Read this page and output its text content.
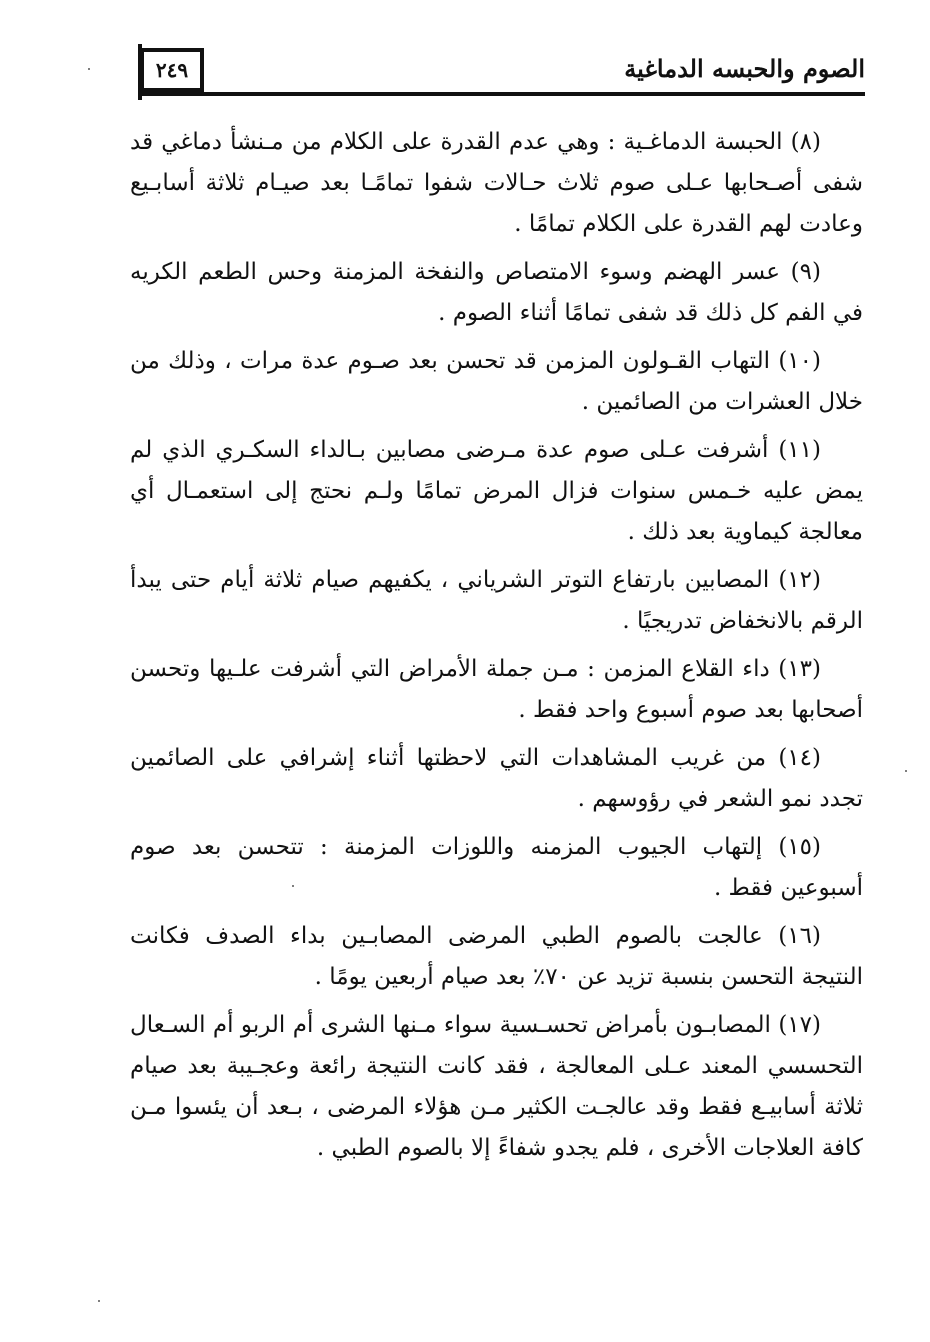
٢٤٩	الصوم والحبسه الدماغية

(٨) الحبسة الدماغـية : وهي عدم القدرة على الكلام من مـنشأ دماغي قد شفى أصـحابها عـلى صوم ثلاث حـالات شفوا تمامًـا بعد صيـام ثلاثة أسابـيع وعادت لهم القدرة على الكلام تمامًا .

(٩) عسر الهضم وسوء الامتصاص والنفخة المزمنة وحس الطعم الكريه في الفم كل ذلك قد شفى تمامًا أثناء الصوم .

(١٠) التهاب القـولون المزمن قد تحسن بعد صـوم عدة مرات ، وذلك من خلال العشرات من الصائمين .

(١١) أشرفت عـلى صوم عدة مـرضى مصابين بـالداء السكـري الذي لم يمض عليه خـمس سنوات فزال المرض تمامًا ولـم نحتج إلى استعمـال أي معالجة كيماوية بعد ذلك .

(١٢) المصابين بارتفاع التوتر الشرياني ، يكفيهم صيام ثلاثة أيام حتى يبدأ الرقم بالانخفاض تدريجيًا .

(١٣) داء القلاع المزمن : مـن جملة الأمراض التي أشرفت علـيها وتحسن أصحابها بعد صوم أسبوع واحد فقط .

(١٤) من غريب المشاهدات التي لاحظتها أثناء إشرافي على الصائمين تجدد نمو الشعر في رؤوسهم .

(١٥) إلتهاب الجيوب المزمنه واللوزات المزمنة : تتحسن بعد صوم أسبوعين فقط .

(١٦) عالجت بالصوم الطبي المرضى المصابـين بداء الصدف فكانت النتيجة التحسن بنسبة تزيد عن ٧٠٪ بعد صيام أربعين يومًا .

(١٧) المصابـون بأمراض تحسـسية سواء مـنها الشرى أم الربو أم السـعال التحسسي المعند عـلى المعالجة ، فقد كانت النتيجة رائعة وعجـيبة بعد صيام ثلاثة أسابيـع فقط وقد عالجـت الكثير مـن هؤلاء المرضى ، بـعد أن يئسوا مـن كافة العلاجات الأخرى ، فلم يجدو شفاءً إلا بالصوم الطبي .
